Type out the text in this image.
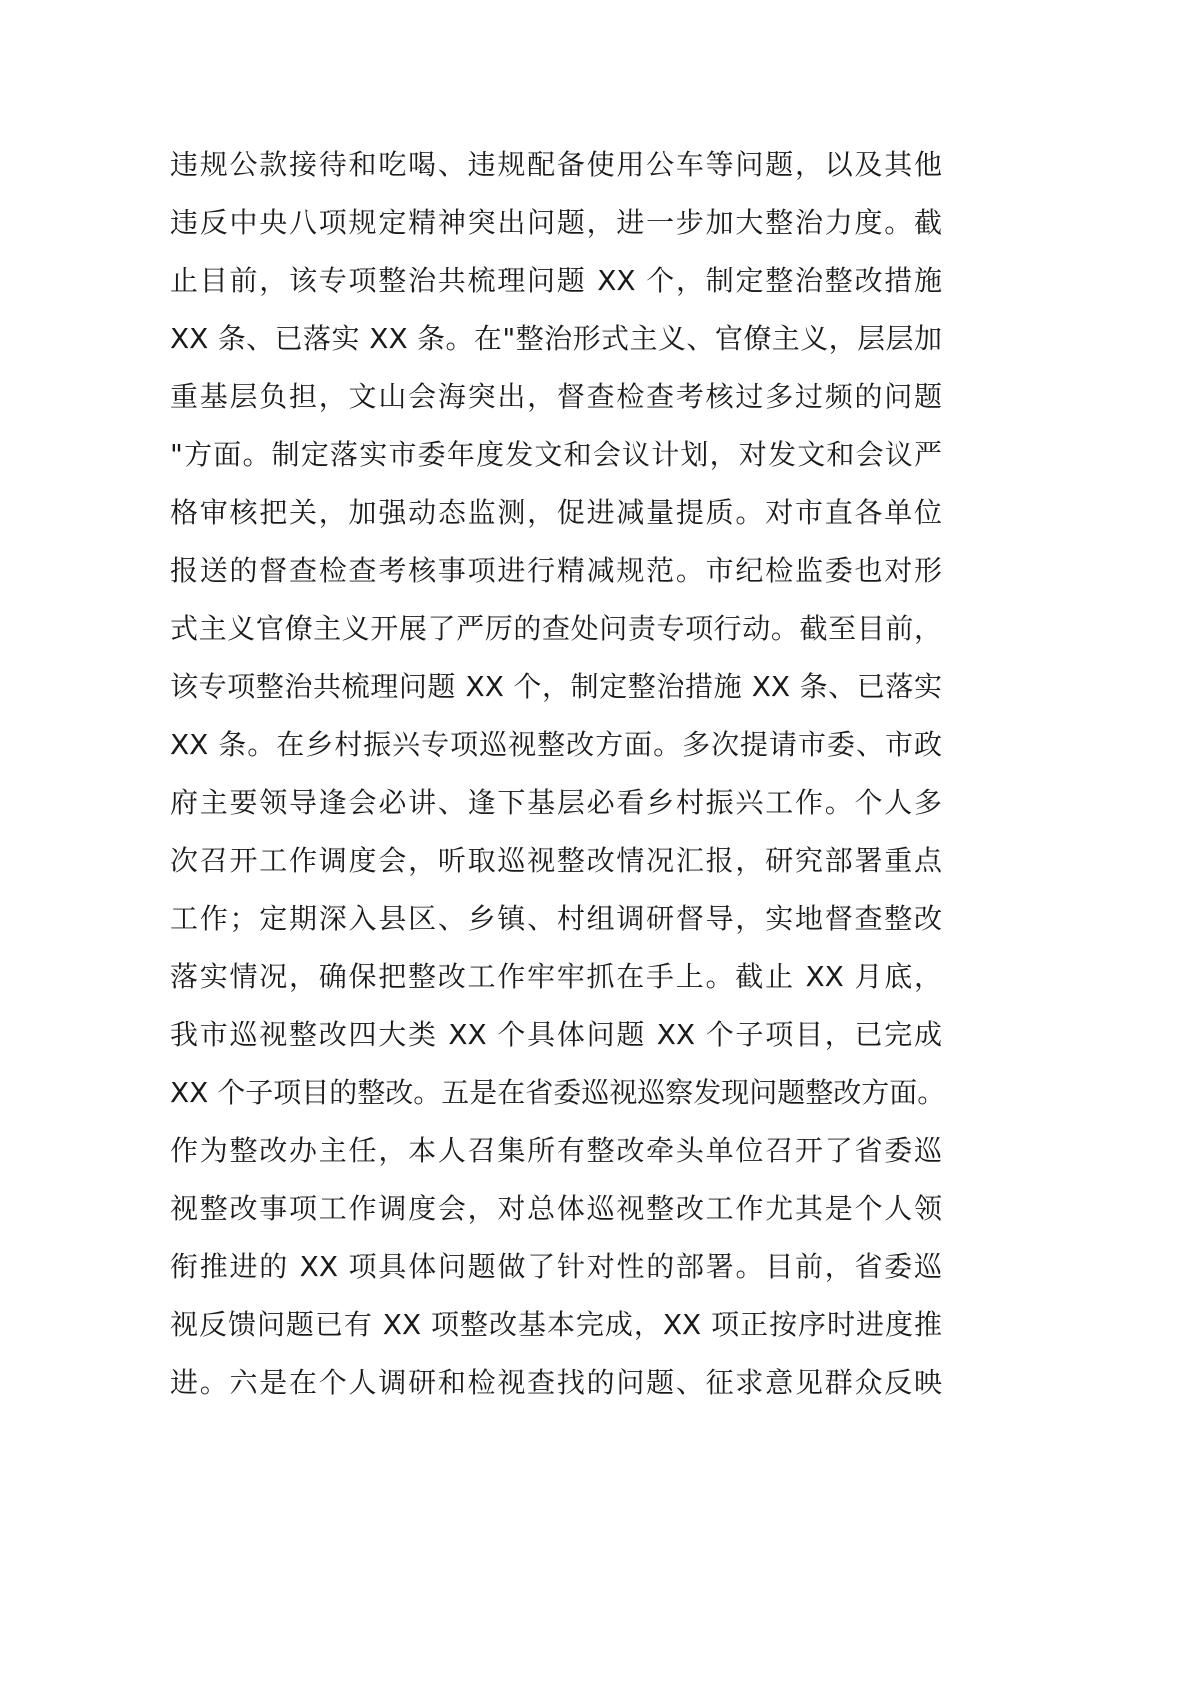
违规公款接待和吃喝、违规配备使用公车等问题，以及其他
违反中央八项规定精神突出问题，进一步加大整治力度。截
止目前，该专项整治共梳理问题 XX 个，制定整治整改措施
XX 条、已落实 XX 条。在"整治形式主义、官僚主义，层层加
重基层负担，文山会海突出，督查检查考核过多过频的问题
"方面。制定落实市委年度发文和会议计划，对发文和会议严
格审核把关，加强动态监测，促进减量提质。对市直各单位
报送的督查检查考核事项进行精减规范。市纪检监委也对形
式主义官僚主义开展了严厉的查处问责专项行动。截至目前，
该专项整治共梳理问题 XX 个，制定整治措施 XX 条、已落实
XX 条。在乡村振兴专项巡视整改方面。多次提请市委、市政
府主要领导逢会必讲、逢下基层必看乡村振兴工作。个人多
次召开工作调度会，听取巡视整改情况汇报，研究部署重点
工作；定期深入县区、乡镇、村组调研督导，实地督查整改
落实情况，确保把整改工作牢牢抓在手上。截止 XX 月底，
我市巡视整改四大类 XX 个具体问题 XX 个子项目，已完成
XX 个子项目的整改。五是在省委巡视巡察发现问题整改方面。
作为整改办主任，本人召集所有整改牵头单位召开了省委巡
视整改事项工作调度会，对总体巡视整改工作尤其是个人领
衔推进的 XX 项具体问题做了针对性的部署。目前，省委巡
视反馈问题已有 XX 项整改基本完成，XX 项正按序时进度推
进。六是在个人调研和检视查找的问题、征求意见群众反映
